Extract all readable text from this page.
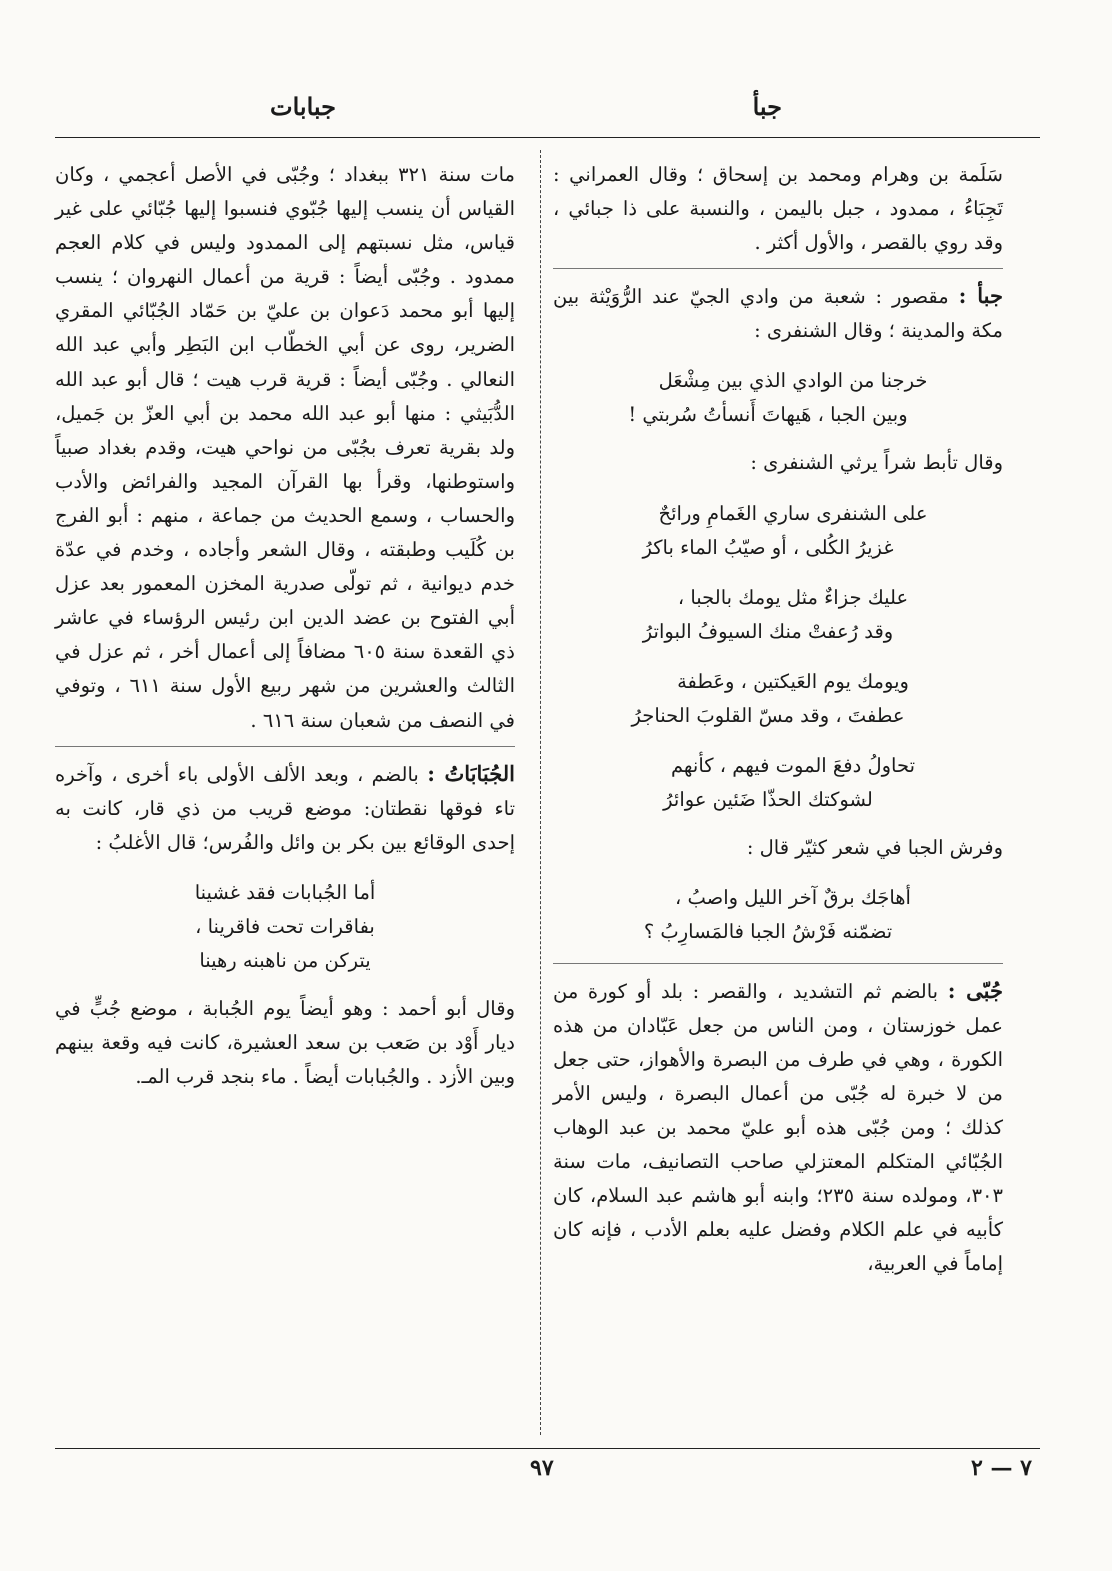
جبأ
جبابات

سَلَمة بن وهرام ومحمد بن إسحاق ؛ وقال العمراني : تَجِبَاءُ ، ممدود ، جبل باليمن ، والنسبة على ذا جبائي ، وقد روي بالقصر ، والأول أكثر .

جبأ : مقصور : شعبة من وادي الجيّ عند الرُّوَيْثة بين مكة والمدينة ؛ وقال الشنفرى :

خرجنا من الوادي الذي بين مِشْعَل
وبين الجبا ، هَيهاتَ أَنسأتُ سُربتي !

وقال تأبط شراً يرثي الشنفرى :

على الشنفرى ساري الغَمامِ ورائحٌ
غزيرُ الكُلى ، أو صيّبُ الماء باكرُ
عليك جزاءٌ مثل يومك بالجبا ،
وقد رُعفتْ منك السيوفُ البواترُ
ويومك يوم العَيكتين ، وعَطفة
عطفتَ ، وقد مسّ القلوبَ الحناجرُ
تحاولُ دفعَ الموت فيهم ، كأنهم
لشوكتك الحذّا ضَئين عوائرُ

وفرش الجبا في شعر كثيّر قال :

أهاجَك برقٌ آخر الليل واصبُ ،
تضمّنه فَرْشُ الجبا فالمَسارِبُ ؟

جُبّى : بالضم ثم التشديد ، والقصر : بلد أو كورة من عمل خوزستان ، ومن الناس من جعل عَبّادان من هذه الكورة ، وهي في طرف من البصرة والأهواز، حتى جعل من لا خبرة له جُبّى من أعمال البصرة ، وليس الأمر كذلك ؛ ومن جُبّى هذه أبو عليّ محمد بن عبد الوهاب الجُبّائي المتكلم المعتزلي صاحب التصانيف، مات سنة ٣٠٣، ومولده سنة ٢٣٥؛ وابنه أبو هاشم عبد السلام، كان كأبيه في علم الكلام وفضل عليه بعلم الأدب ، فإنه كان إماماً في العربية،

مات سنة ٣٢١ ببغداد ؛ وجُبّى في الأصل أعجمي ، وكان القياس أن ينسب إليها جُبّوي فنسبوا إليها جُبّائي على غير قياس، مثل نسبتهم إلى الممدود وليس في كلام العجم ممدود . وجُبّى أيضاً : قرية من أعمال النهروان ؛ ينسب إليها أبو محمد دَعوان بن عليّ بن حَمّاد الجُبّائي المقري الضرير، روى عن أبي الخطّاب ابن البَطِر وأبي عبد الله النعالي . وجُبّى أيضاً : قرية قرب هيت ؛ قال أبو عبد الله الدُّبَيثي : منها أبو عبد الله محمد بن أبي العزّ بن جَميل، ولد بقرية تعرف بجُبّى من نواحي هيت، وقدم بغداد صبياً واستوطنها، وقرأ بها القرآن المجيد والفرائض والأدب والحساب ، وسمع الحديث من جماعة ، منهم : أبو الفرج بن كُلَيب وطبقته ، وقال الشعر وأجاده ، وخدم في عدّة خدم ديوانية ، ثم تولّى صدرية المخزن المعمور بعد عزل أبي الفتوح بن عضد الدين ابن رئيس الرؤساء في عاشر ذي القعدة سنة ٦٠٥ مضافاً إلى أعمال أخر ، ثم عزل في الثالث والعشرين من شهر ربيع الأول سنة ٦١١ ، وتوفي في النصف من شعبان سنة ٦١٦ .

الجُبَابَاتُ : بالضم ، وبعد الألف الأولى باء أخرى ، وآخره تاء فوقها نقطتان: موضع قريب من ذي قار، كانت به إحدى الوقائع بين بكر بن وائل والفُرس؛ قال الأغلبُ :

أما الجُبابات فقد غشينا
بفاقرات تحت فاقرينا ،
يتركن من ناهبنه رهينا

وقال أبو أحمد : وهو أيضاً يوم الجُبابة ، موضع جُبٍّ في ديار أَوْد بن صَعب بن سعد العشيرة، كانت فيه وقعة بينهم وبين الأزد . والجُبابات أيضاً . ماء بنجد قرب المـ.

٩٧	٧ — ٢
